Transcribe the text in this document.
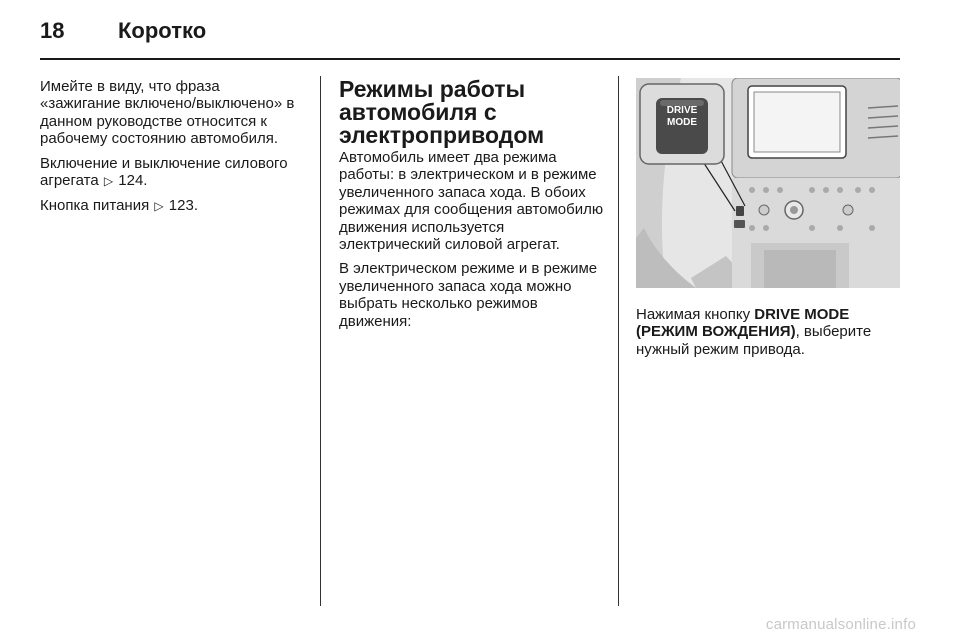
18 Коротко

Имейте в виду, что фраза «зажигание включено/выключено» в данном руководстве относится к рабочему состоянию автомобиля.

Включение и выключение силового агрегата ▷ 124.

Кнопка питания ▷ 123.

Режимы работы автомобиля с электроприводом

Автомобиль имеет два режима работы: в электрическом и в режиме увеличенного запаса хода. В обоих режимах для сообщения автомобилю движения используется электрический силовой агрегат.

В электрическом режиме и в режиме увеличенного запаса хода можно выбрать несколько режимов движения:

DRIVE
MODE

Нажимая кнопку DRIVE MODE (РЕЖИМ ВОЖДЕНИЯ), выберите нужный режим привода.

carmanualsonline.info
